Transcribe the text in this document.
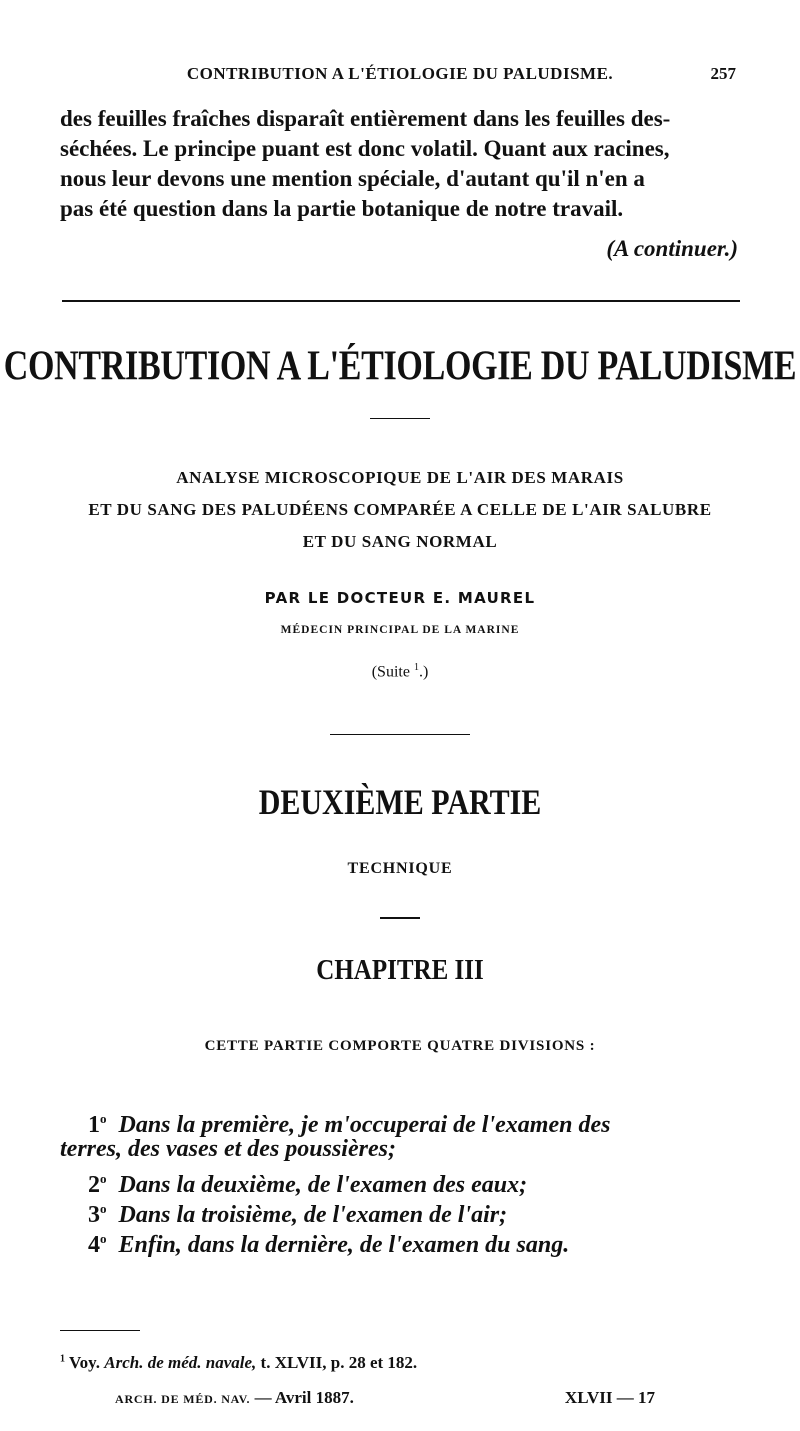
CONTRIBUTION A L'ÉTIOLOGIE DU PALUDISME.	257
des feuilles fraîches disparaît entièrement dans les feuilles des-
séchées. Le principe puant est donc volatil. Quant aux racines,
nous leur devons une mention spéciale, d'autant qu'il n'en a
pas été question dans la partie botanique de notre travail.
(A continuer.)
CONTRIBUTION A L'ÉTIOLOGIE DU PALUDISME
ANALYSE MICROSCOPIQUE DE L'AIR DES MARAIS
ET DU SANG DES PALUDÉENS COMPARÉE A CELLE DE L'AIR SALUBRE
ET DU SANG NORMAL
PAR LE DOCTEUR E. MAUREL
MÉDECIN PRINCIPAL DE LA MARINE
(Suite $^1$.)
DEUXIÈME PARTIE
TECHNIQUE
CHAPITRE III
CETTE PARTIE COMPORTE QUATRE DIVISIONS :
1$^o$ Dans la première, je m'occuperai de l'examen des
terres, des vases et des poussières;
2$^o$ Dans la deuxième, de l'examen des eaux;
3$^o$ Dans la troisième, de l'examen de l'air;
4$^o$ Enfin, dans la dernière, de l'examen du sang.
$^1$ Voy. Arch. de méd. navale, t. XLVII, p. 28 et 182.
ARCH. DE MÉD. NAV. — Avril 1887.	XLVII — 17
